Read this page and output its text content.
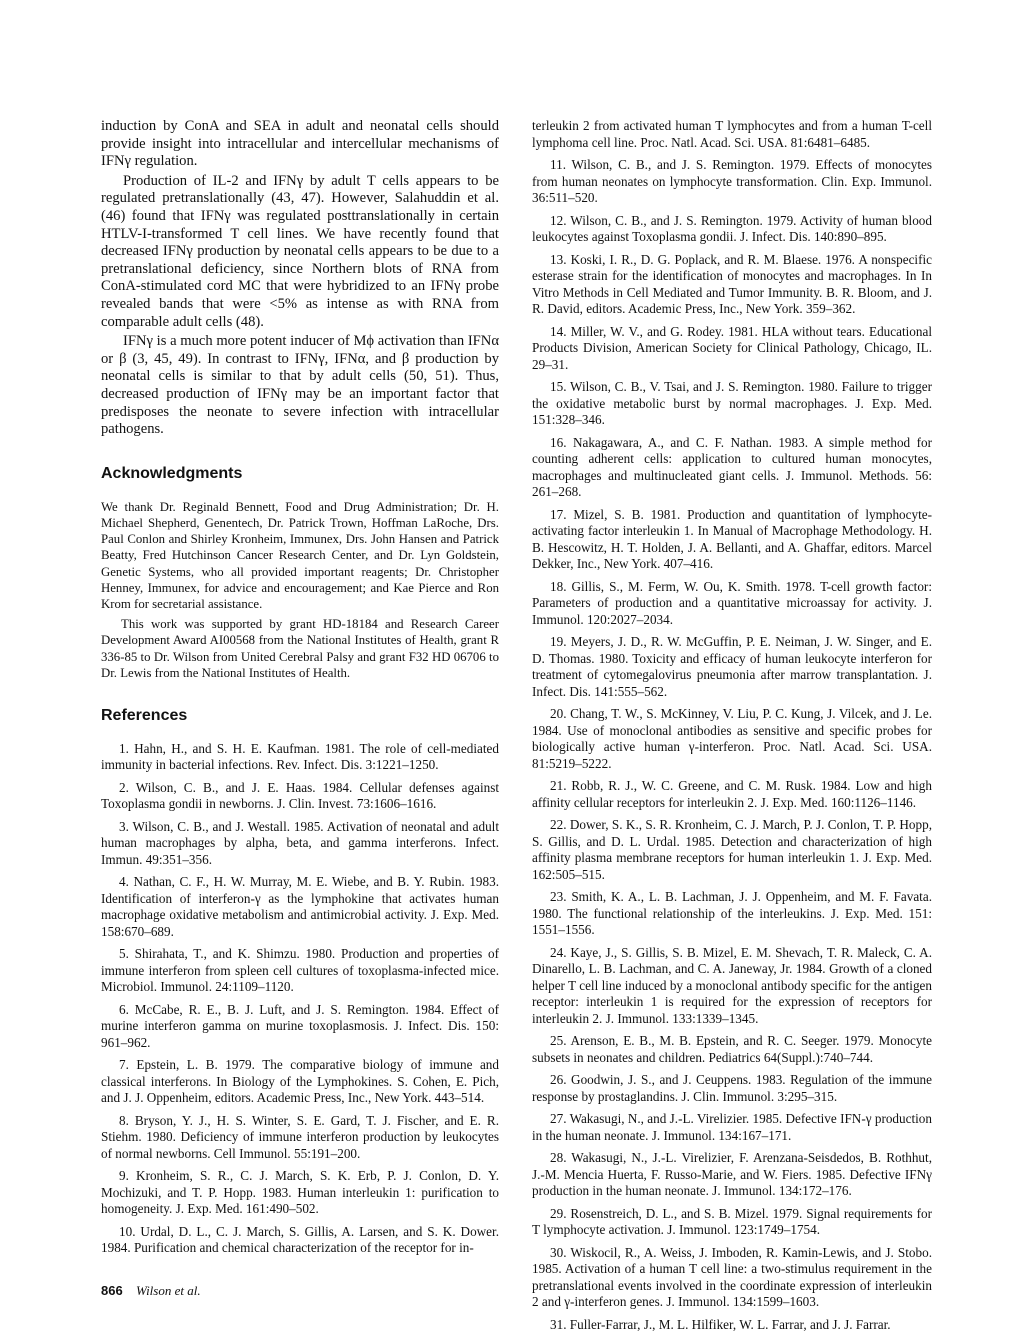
induction by ConA and SEA in adult and neonatal cells should provide insight into intracellular and intercellular mechanisms of IFNγ regulation.

Production of IL-2 and IFNγ by adult T cells appears to be regulated pretranslationally (43, 47). However, Salahuddin et al. (46) found that IFNγ was regulated posttranslationally in certain HTLV-I-transformed T cell lines. We have recently found that decreased IFNγ production by neonatal cells appears to be due to a pretranslational deficiency, since Northern blots of RNA from ConA-stimulated cord MC that were hybridized to an IFNγ probe revealed bands that were <5% as intense as with RNA from comparable adult cells (48).

IFNγ is a much more potent inducer of Mϕ activation than IFNα or β (3, 45, 49). In contrast to IFNγ, IFNα, and β production by neonatal cells is similar to that by adult cells (50, 51). Thus, decreased production of IFNγ may be an important factor that predisposes the neonate to severe infection with intracellular pathogens.

Acknowledgments

We thank Dr. Reginald Bennett, Food and Drug Administration; Dr. H. Michael Shepherd, Genentech, Dr. Patrick Trown, Hoffman LaRoche, Drs. Paul Conlon and Shirley Kronheim, Immunex, Drs. John Hansen and Patrick Beatty, Fred Hutchinson Cancer Research Center, and Dr. Lyn Goldstein, Genetic Systems, who all provided important reagents; Dr. Christopher Henney, Immunex, for advice and encouragement; and Kae Pierce and Ron Krom for secretarial assistance.

This work was supported by grant HD-18184 and Research Career Development Award AI00568 from the National Institutes of Health, grant R 336-85 to Dr. Wilson from United Cerebral Palsy and grant F32 HD 06706 to Dr. Lewis from the National Institutes of Health.

References

1. Hahn, H., and S. H. E. Kaufman. 1981. The role of cell-mediated immunity in bacterial infections. Rev. Infect. Dis. 3:1221–1250.

2. Wilson, C. B., and J. E. Haas. 1984. Cellular defenses against Toxoplasma gondii in newborns. J. Clin. Invest. 73:1606–1616.

3. Wilson, C. B., and J. Westall. 1985. Activation of neonatal and adult human macrophages by alpha, beta, and gamma interferons. Infect. Immun. 49:351–356.

4. Nathan, C. F., H. W. Murray, M. E. Wiebe, and B. Y. Rubin. 1983. Identification of interferon-γ as the lymphokine that activates human macrophage oxidative metabolism and antimicrobial activity. J. Exp. Med. 158:670–689.

5. Shirahata, T., and K. Shimzu. 1980. Production and properties of immune interferon from spleen cell cultures of toxoplasma-infected mice. Microbiol. Immunol. 24:1109–1120.

6. McCabe, R. E., B. J. Luft, and J. S. Remington. 1984. Effect of murine interferon gamma on murine toxoplasmosis. J. Infect. Dis. 150: 961–962.

7. Epstein, L. B. 1979. The comparative biology of immune and classical interferons. In Biology of the Lymphokines. S. Cohen, E. Pich, and J. J. Oppenheim, editors. Academic Press, Inc., New York. 443–514.

8. Bryson, Y. J., H. S. Winter, S. E. Gard, T. J. Fischer, and E. R. Stiehm. 1980. Deficiency of immune interferon production by leukocytes of normal newborns. Cell Immunol. 55:191–200.

9. Kronheim, S. R., C. J. March, S. K. Erb, P. J. Conlon, D. Y. Mochizuki, and T. P. Hopp. 1983. Human interleukin 1: purification to homogeneity. J. Exp. Med. 161:490–502.

10. Urdal, D. L., C. J. March, S. Gillis, A. Larsen, and S. K. Dower. 1984. Purification and chemical characterization of the receptor for in-

terleukin 2 from activated human T lymphocytes and from a human T-cell lymphoma cell line. Proc. Natl. Acad. Sci. USA. 81:6481–6485.

11. Wilson, C. B., and J. S. Remington. 1979. Effects of monocytes from human neonates on lymphocyte transformation. Clin. Exp. Immunol. 36:511–520.

12. Wilson, C. B., and J. S. Remington. 1979. Activity of human blood leukocytes against Toxoplasma gondii. J. Infect. Dis. 140:890–895.

13. Koski, I. R., D. G. Poplack, and R. M. Blaese. 1976. A nonspecific esterase strain for the identification of monocytes and macrophages. In In Vitro Methods in Cell Mediated and Tumor Immunity. B. R. Bloom, and J. R. David, editors. Academic Press, Inc., New York. 359–362.

14. Miller, W. V., and G. Rodey. 1981. HLA without tears. Educational Products Division, American Society for Clinical Pathology, Chicago, IL. 29–31.

15. Wilson, C. B., V. Tsai, and J. S. Remington. 1980. Failure to trigger the oxidative metabolic burst by normal macrophages. J. Exp. Med. 151:328–346.

16. Nakagawara, A., and C. F. Nathan. 1983. A simple method for counting adherent cells: application to cultured human monocytes, macrophages and multinucleated giant cells. J. Immunol. Methods. 56: 261–268.

17. Mizel, S. B. 1981. Production and quantitation of lymphocyte-activating factor interleukin 1. In Manual of Macrophage Methodology. H. B. Hescowitz, H. T. Holden, J. A. Bellanti, and A. Ghaffar, editors. Marcel Dekker, Inc., New York. 407–416.

18. Gillis, S., M. Ferm, W. Ou, K. Smith. 1978. T-cell growth factor: Parameters of production and a quantitative microassay for activity. J. Immunol. 120:2027–2034.

19. Meyers, J. D., R. W. McGuffin, P. E. Neiman, J. W. Singer, and E. D. Thomas. 1980. Toxicity and efficacy of human leukocyte interferon for treatment of cytomegalovirus pneumonia after marrow transplantation. J. Infect. Dis. 141:555–562.

20. Chang, T. W., S. McKinney, V. Liu, P. C. Kung, J. Vilcek, and J. Le. 1984. Use of monoclonal antibodies as sensitive and specific probes for biologically active human γ-interferon. Proc. Natl. Acad. Sci. USA. 81:5219–5222.

21. Robb, R. J., W. C. Greene, and C. M. Rusk. 1984. Low and high affinity cellular receptors for interleukin 2. J. Exp. Med. 160:1126–1146.

22. Dower, S. K., S. R. Kronheim, C. J. March, P. J. Conlon, T. P. Hopp, S. Gillis, and D. L. Urdal. 1985. Detection and characterization of high affinity plasma membrane receptors for human interleukin 1. J. Exp. Med. 162:505–515.

23. Smith, K. A., L. B. Lachman, J. J. Oppenheim, and M. F. Favata. 1980. The functional relationship of the interleukins. J. Exp. Med. 151: 1551–1556.

24. Kaye, J., S. Gillis, S. B. Mizel, E. M. Shevach, T. R. Maleck, C. A. Dinarello, L. B. Lachman, and C. A. Janeway, Jr. 1984. Growth of a cloned helper T cell line induced by a monoclonal antibody specific for the antigen receptor: interleukin 1 is required for the expression of receptors for interleukin 2. J. Immunol. 133:1339–1345.

25. Arenson, E. B., M. B. Epstein, and R. C. Seeger. 1979. Monocyte subsets in neonates and children. Pediatrics 64(Suppl.):740–744.

26. Goodwin, J. S., and J. Ceuppens. 1983. Regulation of the immune response by prostaglandins. J. Clin. Immunol. 3:295–315.

27. Wakasugi, N., and J.-L. Virelizier. 1985. Defective IFN-γ production in the human neonate. J. Immunol. 134:167–171.

28. Wakasugi, N., J.-L. Virelizier, F. Arenzana-Seisdedos, B. Rothhut, J.-M. Mencia Huerta, F. Russo-Marie, and W. Fiers. 1985. Defective IFNγ production in the human neonate. J. Immunol. 134:172–176.

29. Rosenstreich, D. L., and S. B. Mizel. 1979. Signal requirements for T lymphocyte activation. J. Immunol. 123:1749–1754.

30. Wiskocil, R., A. Weiss, J. Imboden, R. Kamin-Lewis, and J. Stobo. 1985. Activation of a human T cell line: a two-stimulus requirement in the pretranslational events involved in the coordinate expression of interleukin 2 and γ-interferon genes. J. Immunol. 134:1599–1603.

31. Fuller-Farrar, J., M. L. Hilfiker, W. L. Farrar, and J. J. Farrar.

866 Wilson et al.
